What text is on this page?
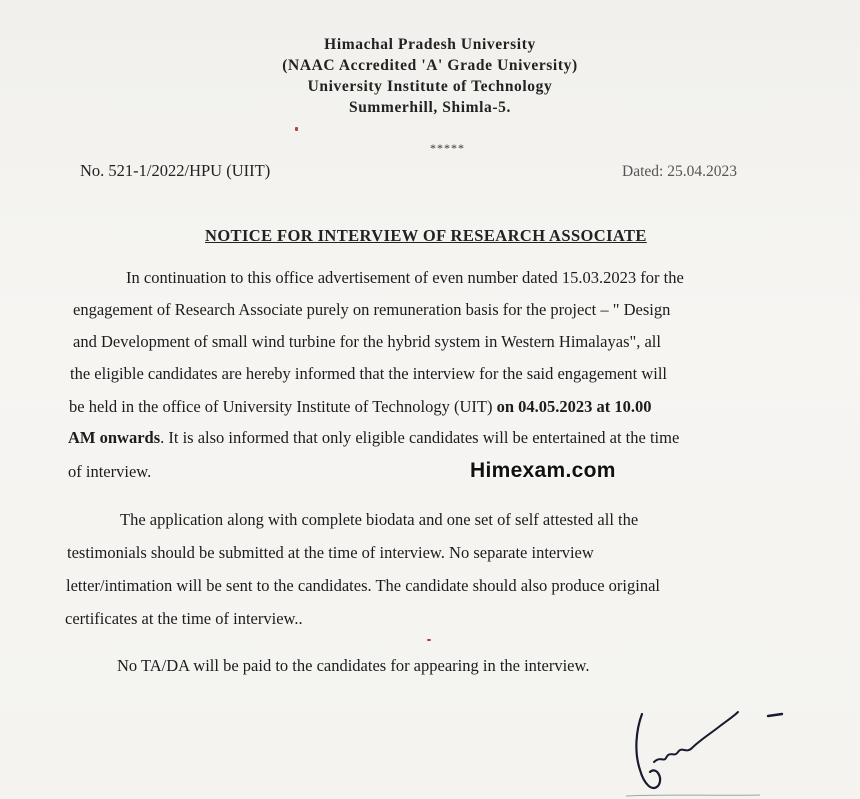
Himachal Pradesh University
(NAAC Accredited 'A' Grade University)
University Institute of Technology
Summerhill, Shimla-5.
*****
No. 521-1/2022/HPU (UIIT)	Dated: 25.04.2023
NOTICE FOR INTERVIEW OF RESEARCH ASSOCIATE
In continuation to this office advertisement of even number dated 15.03.2023 for the
engagement of Research Associate purely on remuneration basis for the project – " Design
and Development of small wind turbine for the hybrid system in Western Himalayas", all
the eligible candidates are hereby informed that the interview for the said engagement will
be held in the office of University Institute of Technology (UIT) on 04.05.2023 at 10.00
AM onwards. It is also informed that only eligible candidates will be entertained at the time
of interview.	Himexam.com
The application along with complete biodata and one set of self attested all the
testimonials should be submitted at the time of interview. No separate interview
letter/intimation will be sent to the candidates. The candidate should also produce original
certificates at the time of interview..
No TA/DA will be paid to the candidates for appearing in the interview.
